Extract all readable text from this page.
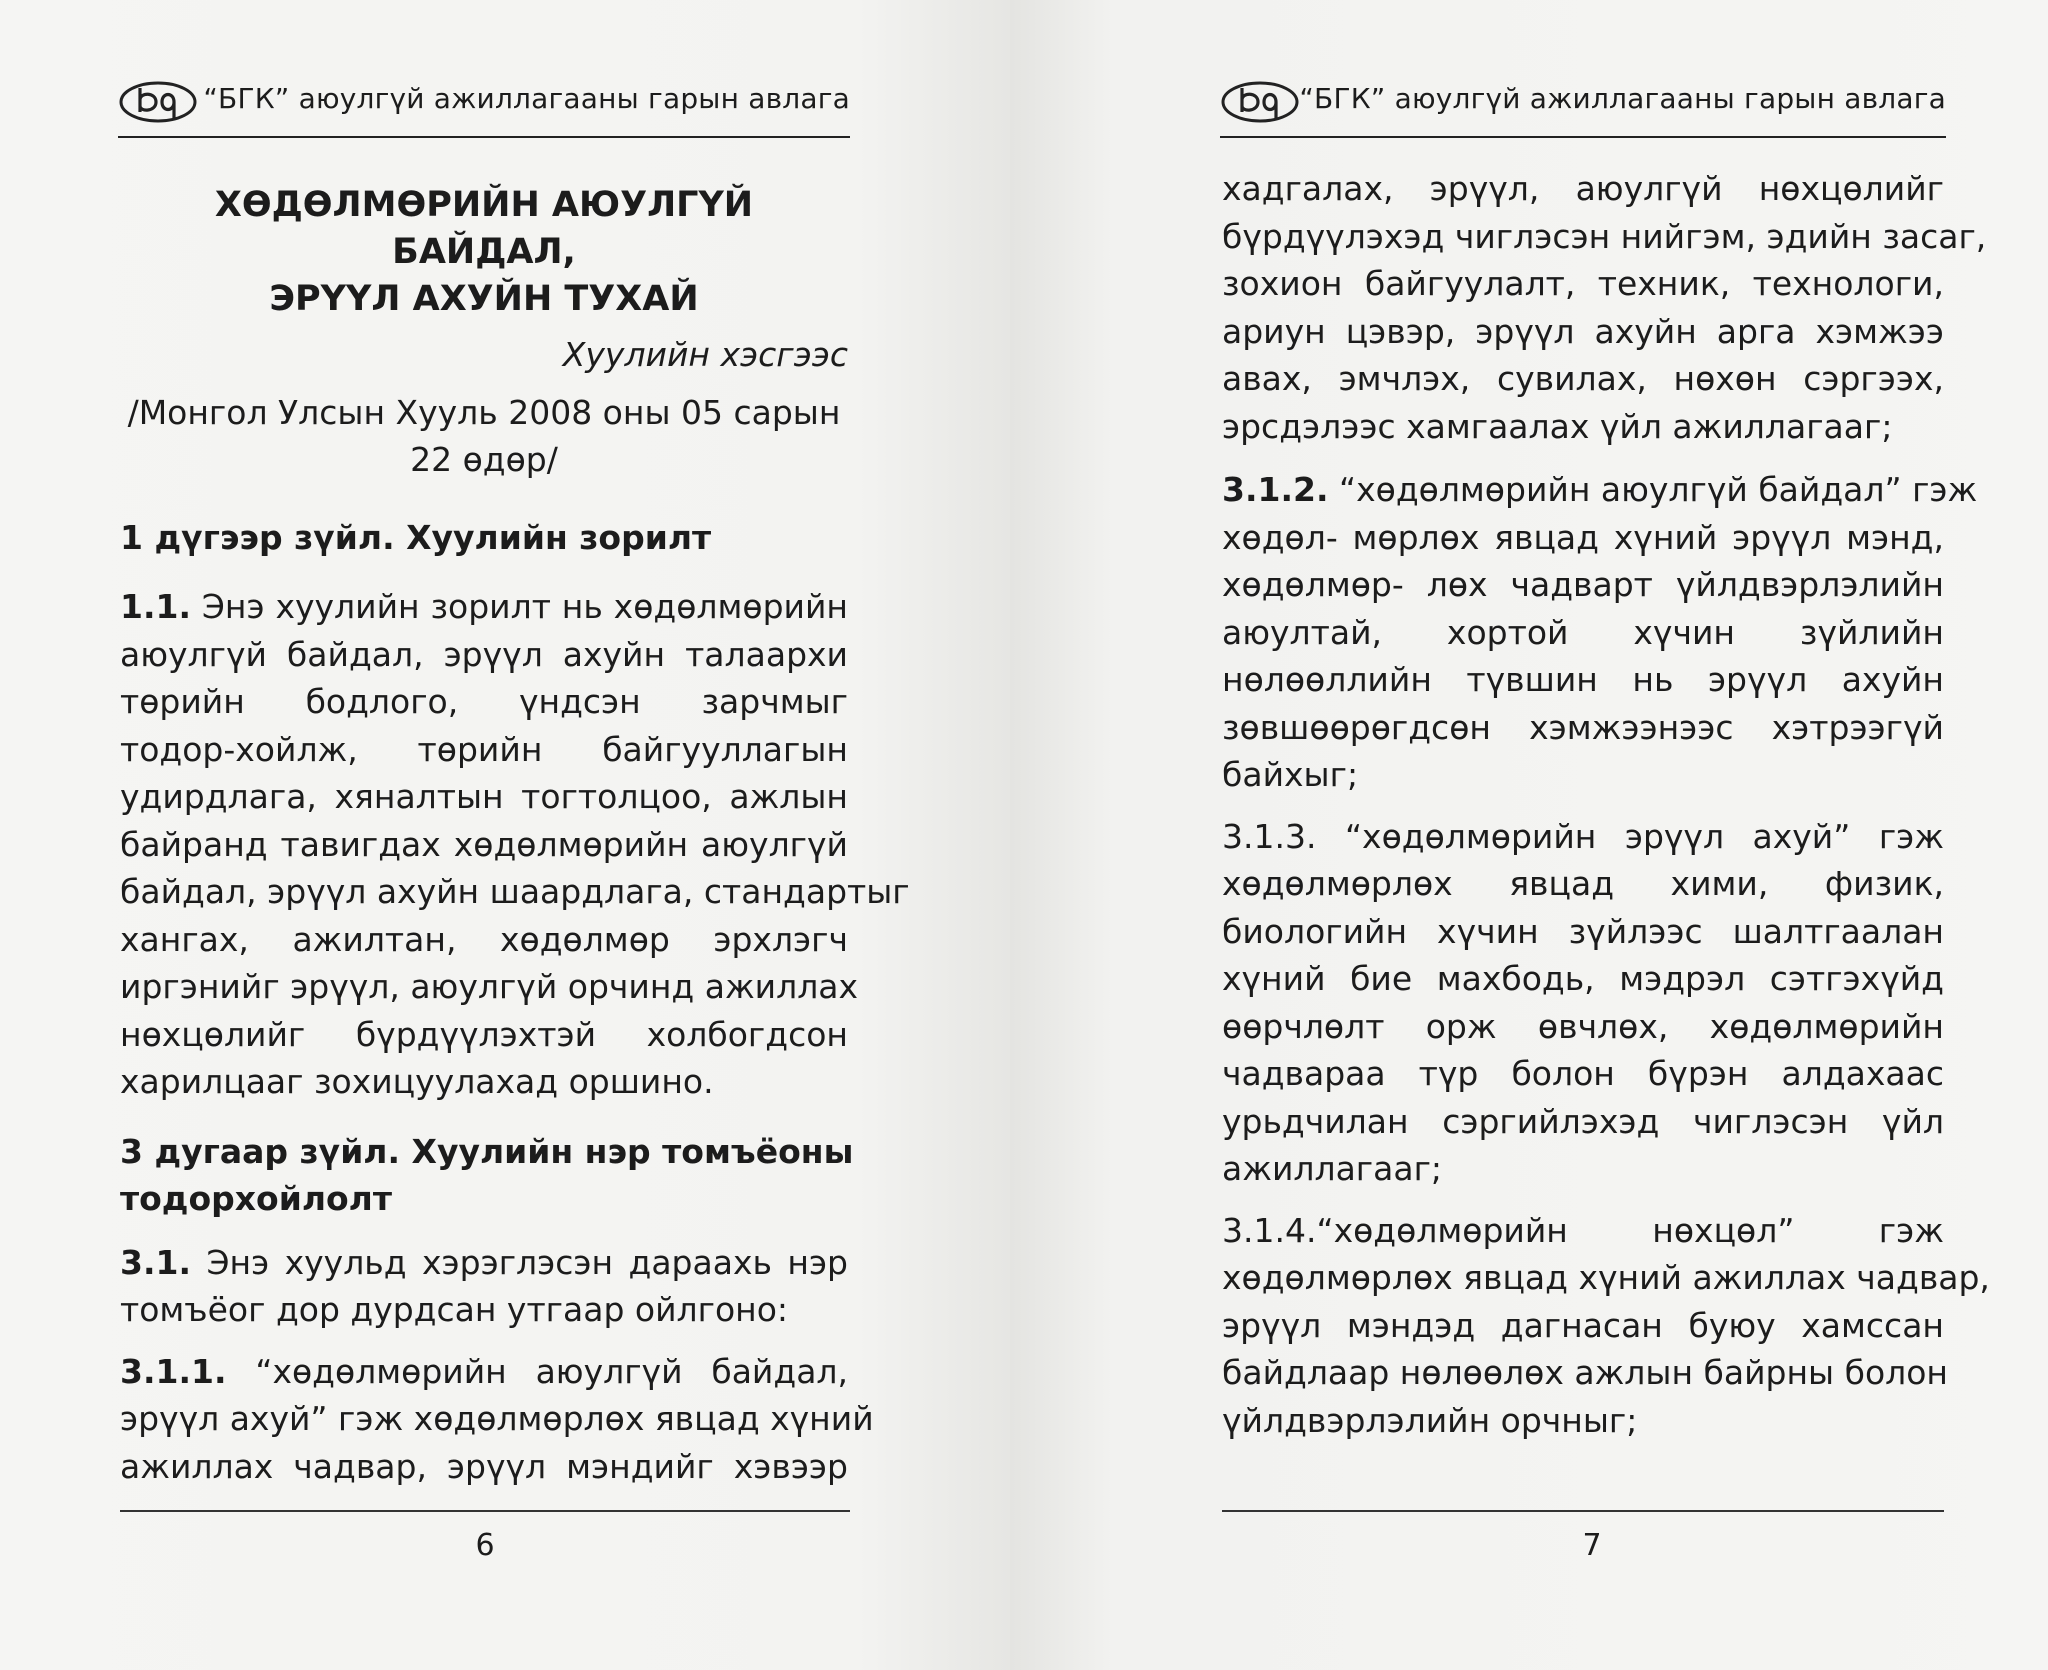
“БГК” аюулгүй ажиллагааны гарын авлага
ХӨДӨЛМӨРИЙН АЮУЛГҮЙ БАЙДАЛ,
ЭРҮҮЛ АХУЙН ТУХАЙ
Хуулийн хэсгээс
/Монгол Улсын Хууль 2008 оны 05 сарын
22 өдөр/
1 дүгээр зүйл. Хуулийн зорилт
1.1. Энэ хуулийн зорилт нь хөдөлмөрийн
аюулгүй байдал, эрүүл ахуйн талаархи
төрийн бодлого, үндсэн зарчмыг
тодор-хойлж, төрийн байгууллагын
удирдлага, хяналтын тогтолцоо, ажлын
байранд тавигдах хөдөлмөрийн аюулгүй
байдал, эрүүл ахуйн шаардлага, стандартыг
хангах, ажилтан, хөдөлмөр эрхлэгч
иргэнийг эрүүл, аюулгүй орчинд ажиллах
нөхцөлийг бүрдүүлэхтэй холбогдсон
харилцааг зохицуулахад оршино.
3 дугаар зүйл. Хуулийн нэр томъёоны
тодорхойлолт
3.1. Энэ хуульд хэрэглэсэн дараахь нэр
томъёог дор дурдсан утгаар ойлгоно:
3.1.1. “хөдөлмөрийн аюулгүй байдал,
эрүүл ахуй” гэж хөдөлмөрлөх явцад хүний
ажиллах чадвар, эрүүл мэндийг хэвээр
6
“БГК” аюулгүй ажиллагааны гарын авлага
хадгалах, эрүүл, аюулгүй нөхцөлийг
бүрдүүлэхэд чиглэсэн нийгэм, эдийн засаг,
зохион байгуулалт, техник, технологи,
ариун цэвэр, эрүүл ахуйн арга хэмжээ
авах, эмчлэх, сувилах, нөхөн сэргээх,
эрсдэлээс хамгаалах үйл ажиллагааг;
3.1.2. “хөдөлмөрийн аюулгүй байдал” гэж
хөдөл- мөрлөх явцад хүний эрүүл мэнд,
хөдөлмөр- лөх чадварт үйлдвэрлэлийн
аюултай, хортой хүчин зүйлийн
нөлөөллийн түвшин нь эрүүл ахуйн
зөвшөөрөгдсөн хэмжээнээс хэтрээгүй
байхыг;
3.1.3. “хөдөлмөрийн эрүүл ахуй” гэж
хөдөлмөрлөх явцад хими, физик,
биологийн хүчин зүйлээс шалтгаалан
хүний бие махбодь, мэдрэл сэтгэхүйд
өөрчлөлт орж өвчлөх, хөдөлмөрийн
чадвараа түр болон бүрэн алдахаас
урьдчилан сэргийлэхэд чиглэсэн үйл
ажиллагааг;
3.1.4.“хөдөлмөрийн нөхцөл” гэж
хөдөлмөрлөх явцад хүний ажиллах чадвар,
эрүүл мэндэд дагнасан буюу хамссан
байдлаар нөлөөлөх ажлын байрны болон
үйлдвэрлэлийн орчныг;
7
